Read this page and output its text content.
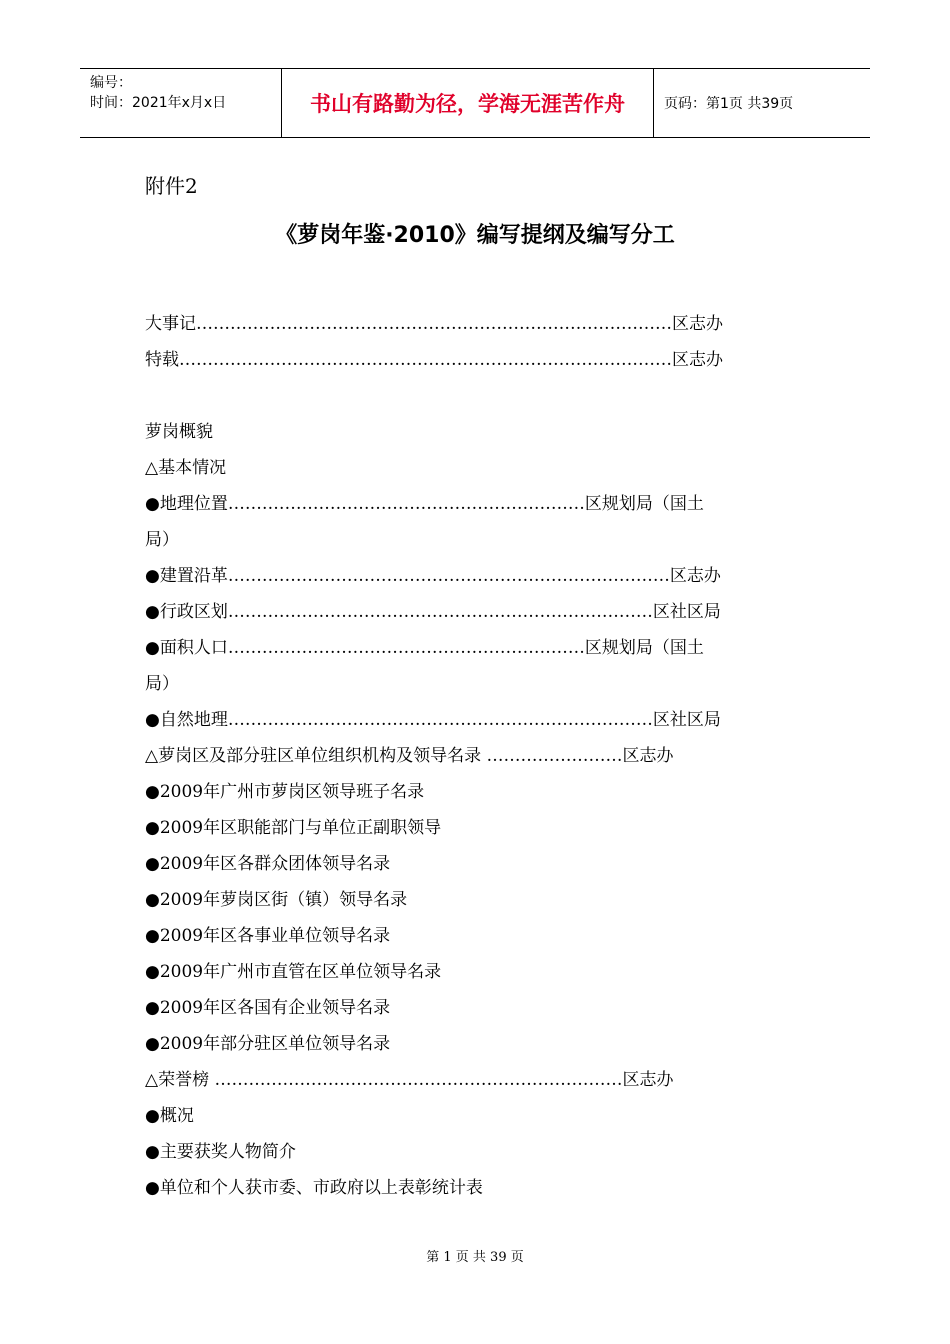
编号：
时间：2021年x月x日	书山有路勤为径，学海无涯苦作舟	页码：第1页 共39页
附件2
《萝岗年鉴·2010》编写提纲及编写分工
大事记…………………………………………………………………………区志办
特载……………………………………………………………………………区志办
萝岗概貌
△基本情况
●地理位置………………………………………………………区规划局（国土
局）
●建置沿革……………………………………………………………………区志办
●行政区划…………………………………………………………………区社区局
●面积人口………………………………………………………区规划局（国土
局）
●自然地理…………………………………………………………………区社区局
△萝岗区及部分驻区单位组织机构及领导名录 ……………………区志办
●2009年广州市萝岗区领导班子名录
●2009年区职能部门与单位正副职领导
●2009年区各群众团体领导名录
●2009年萝岗区街（镇）领导名录
●2009年区各事业单位领导名录
●2009年广州市直管在区单位领导名录
●2009年区各国有企业领导名录
●2009年部分驻区单位领导名录
△荣誉榜 ………………………………………………………………区志办
●概况
●主要获奖人物简介
●单位和个人获市委、市政府以上表彰统计表
第 1 页 共 39 页
